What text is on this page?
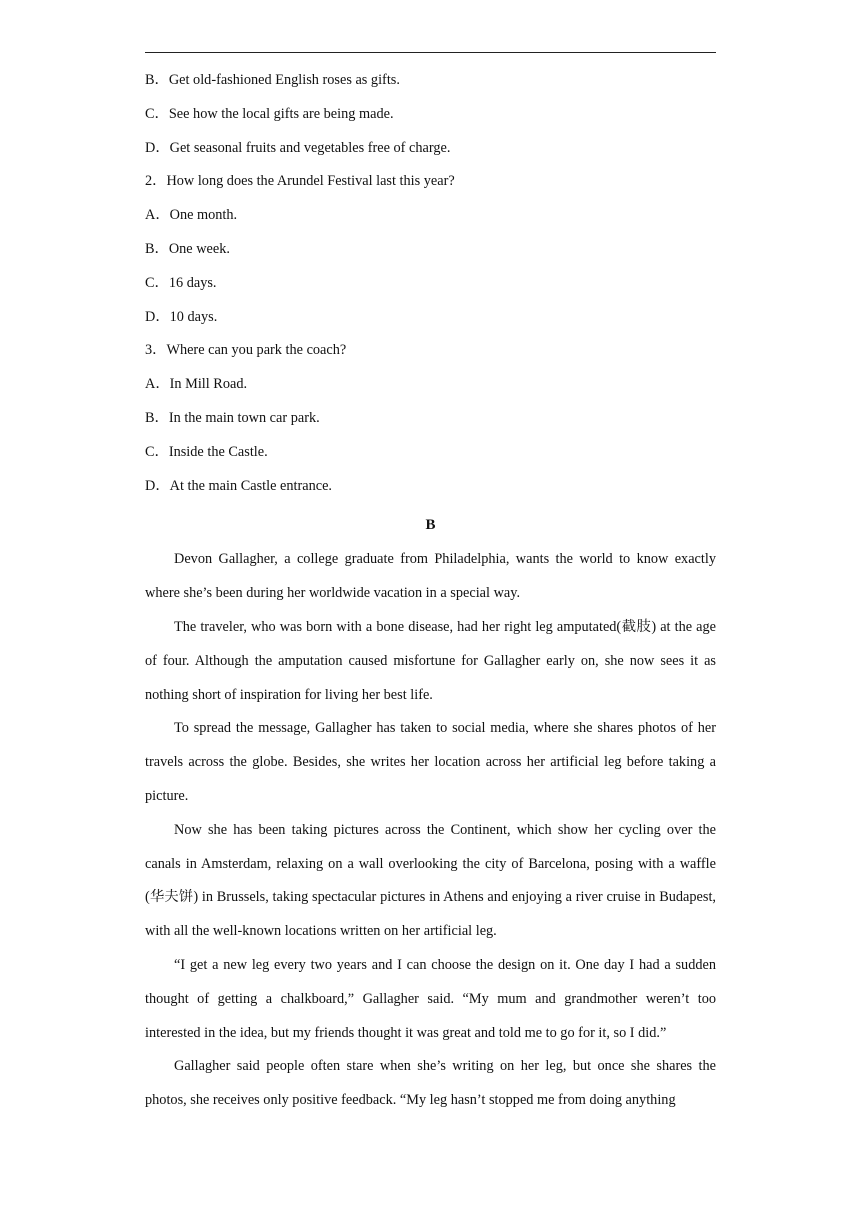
B．Get old-fashioned English roses as gifts.
C．See how the local gifts are being made.
D．Get seasonal fruits and vegetables free of charge.
2．How long does the Arundel Festival last this year?
A．One month.
B．One week.
C．16 days.
D．10 days.
3．Where can you park the coach?
A．In Mill Road.
B．In the main town car park.
C．Inside the Castle.
D．At the main Castle entrance.
B

Devon Gallagher, a college graduate from Philadelphia, wants the world to know exactly where she’s been during her worldwide vacation in a special way.

The traveler, who was born with a bone disease, had her right leg amputated(截肢) at the age of four. Although the amputation caused misfortune for Gallagher early on, she now sees it as nothing short of inspiration for living her best life.

To spread the message, Gallagher has taken to social media, where she shares photos of her travels across the globe. Besides, she writes her location across her artificial leg before taking a picture.

Now she has been taking pictures across the Continent, which show her cycling over the canals in Amsterdam, relaxing on a wall overlooking the city of Barcelona, posing with a waffle (华夫饼) in Brussels, taking spectacular pictures in Athens and enjoying a river cruise in Budapest, with all the well-known locations written on her artificial leg.

“I get a new leg every two years and I can choose the design on it. One day I had a sudden thought of getting a chalkboard,” Gallagher said. “My mum and grandmother weren’t too interested in the idea, but my friends thought it was great and told me to go for it, so I did.”

Gallagher said people often stare when she’s writing on her leg, but once she shares the photos, she receives only positive feedback. “My leg hasn’t stopped me from doing anything
